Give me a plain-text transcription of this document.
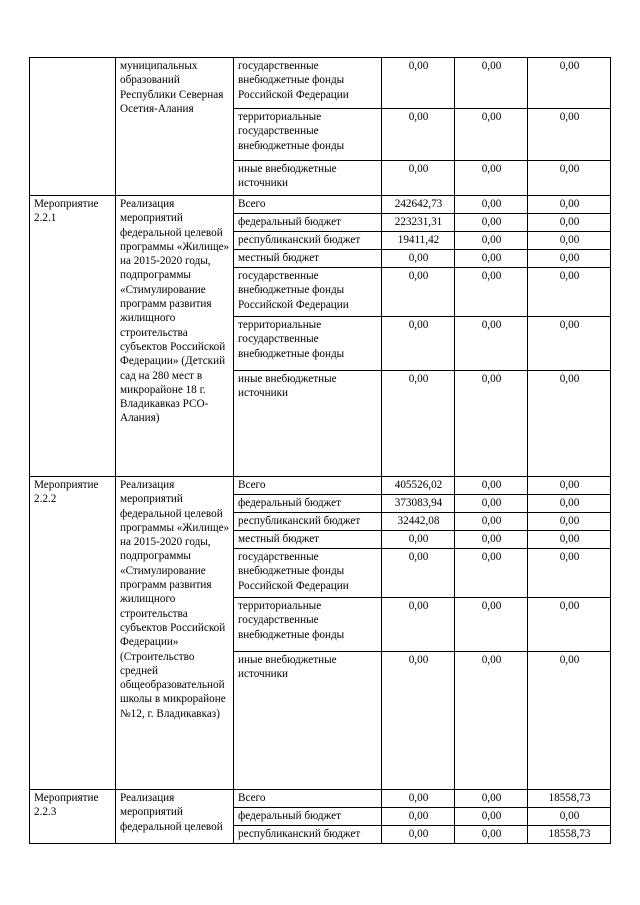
	муниципальных образований Республики Северная Осетия-Алания	государственные внебюджетные фонды Российской Федерации	0,00	0,00	0,00
		территориальные государственные внебюджетные фонды	0,00	0,00	0,00
		иные внебюджетные источники	0,00	0,00	0,00
Мероприятие 2.2.1	Реализация мероприятий федеральной целевой программы «Жилище» на 2015-2020 годы, подпрограммы «Стимулирование программ развития жилищного строительства субъектов Российской Федерации» (Детский сад на 280 мест в микрорайоне 18 г. Владикавказ РСО-Алания)	Всего	242642,73	0,00	0,00
		федеральный бюджет	223231,31	0,00	0,00
		республиканский бюджет	19411,42	0,00	0,00
		местный бюджет	0,00	0,00	0,00
		государственные внебюджетные фонды Российской Федерации	0,00	0,00	0,00
		территориальные государственные внебюджетные фонды	0,00	0,00	0,00
		иные внебюджетные источники	0,00	0,00	0,00
Мероприятие 2.2.2	Реализация мероприятий федеральной целевой программы «Жилище» на 2015-2020 годы, подпрограммы «Стимулирование программ развития жилищного строительства субъектов Российской Федерации» (Строительство средней общеобразовательной школы в микрорайоне №12, г. Владикавказ)	Всего	405526,02	0,00	0,00
		федеральный бюджет	373083,94	0,00	0,00
		республиканский бюджет	32442,08	0,00	0,00
		местный бюджет	0,00	0,00	0,00
		государственные внебюджетные фонды Российской Федерации	0,00	0,00	0,00
		территориальные государственные внебюджетные фонды	0,00	0,00	0,00
		иные внебюджетные источники	0,00	0,00	0,00
Мероприятие 2.2.3	Реализация мероприятий федеральной целевой	Всего	0,00	0,00	18558,73
		федеральный бюджет	0,00	0,00	0,00
		республиканский бюджет	0,00	0,00	18558,73
